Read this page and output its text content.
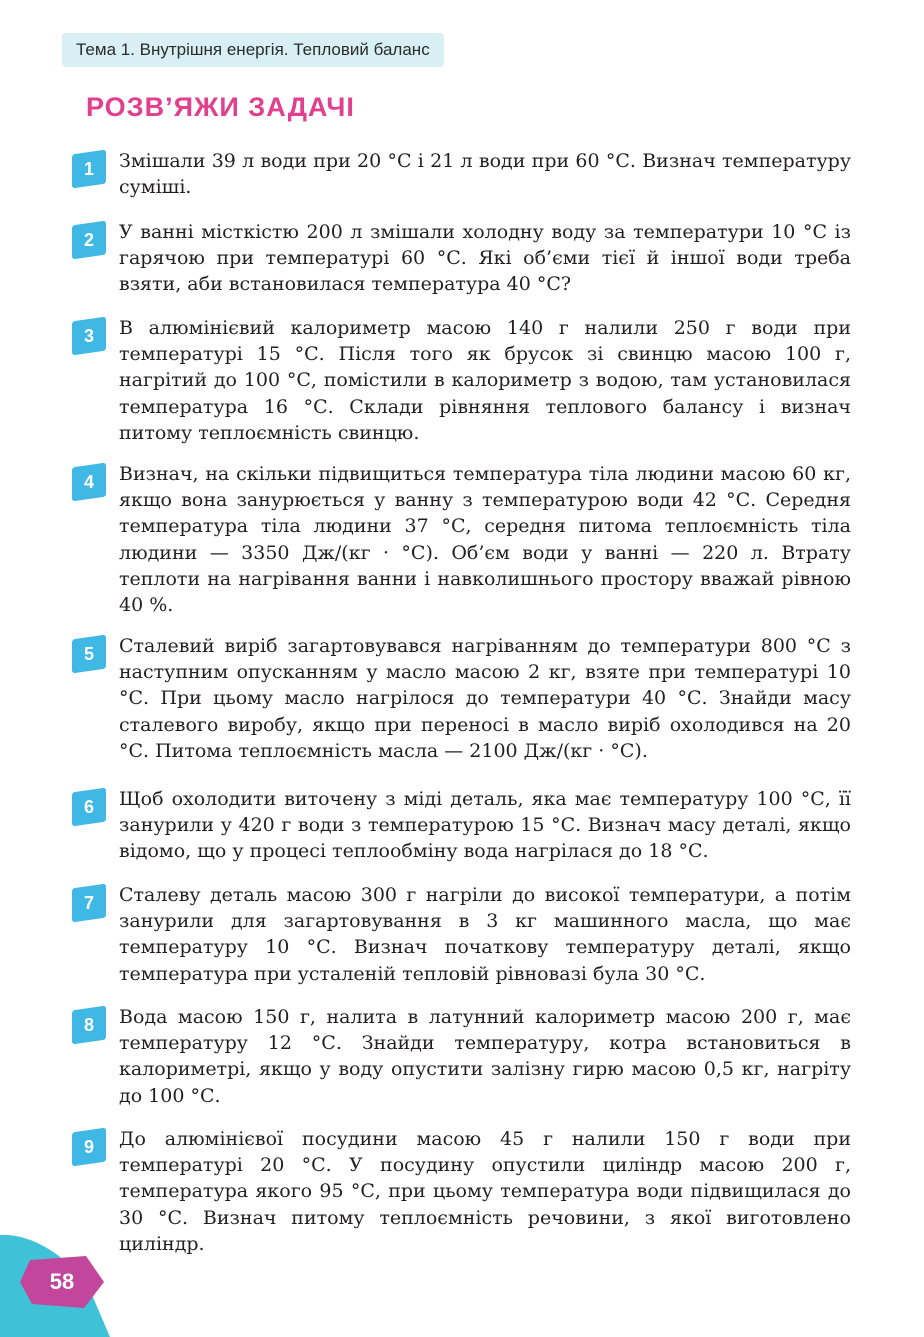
Тема 1. Внутрішня енергія. Тепловий баланс
РОЗВ’ЯЖИ ЗАДАЧІ
1	Змішали 39 л води при 20 °С і 21 л води при 60 °С. Визнач температуру суміші.

2	У ванні місткістю 200 л змішали холодну воду за температури 10 °С із гарячою при температурі 60 °С. Які об’єми тієї й іншої води треба взяти, аби встановилася температура 40 °С?

3	В алюмінієвий калориметр масою 140 г налили 250 г води при температурі 15 °С. Після того як брусок зі свинцю масою 100 г, нагрітий до 100 °С, помістили в калориметр з водою, там установилася температура 16 °С. Склади рівняння теплового балансу і визнач питому теплоємність свинцю.

4	Визнач, на скільки підвищиться температура тіла людини масою 60 кг, якщо вона занурюється у ванну з температурою води 42 °С. Середня температура тіла людини 37 °С, середня питома теплоємність тіла людини — 3350 Дж/(кг · °С). Об’єм води у ванні — 220 л. Втрату теплоти на нагрівання ванни і навколишнього простору вважай рівною 40 %.

5	Сталевий виріб загартовувався нагріванням до температури 800 °С з наступним опусканням у масло масою 2 кг, взяте при температурі 10 °С. При цьому масло нагрілося до температури 40 °С. Знайди масу сталевого виробу, якщо при переносі в масло виріб охолодився на 20 °С. Питома теплоємність масла — 2100 Дж/(кг · °С).

6	Щоб охолодити виточену з міді деталь, яка має температуру 100 °С, її занурили у 420 г води з температурою 15 °С. Визнач масу деталі, якщо відомо, що у процесі теплообміну вода нагрілася до 18 °С.

7	Сталеву деталь масою 300 г нагріли до високої температури, а потім занурили для загартовування в 3 кг машинного масла, що має температуру 10 °С. Визнач початкову температуру деталі, якщо температура при усталеній тепловій рівновазі була 30 °С.

8	Вода масою 150 г, налита в латунний калориметр масою 200 г, має температуру 12 °С. Знайди температуру, котра встановиться в калориметрі, якщо у воду опустити залізну гирю масою 0,5 кг, нагріту до 100 °С.

9	До алюмінієвої посудини масою 45 г налили 150 г води при температурі 20 °С. У посудину опустили циліндр масою 200 г, температура якого 95 °С, при цьому температура води підвищилася до 30 °С. Визнач питому теплоємність речовини, з якої виготовлено циліндр.

58
